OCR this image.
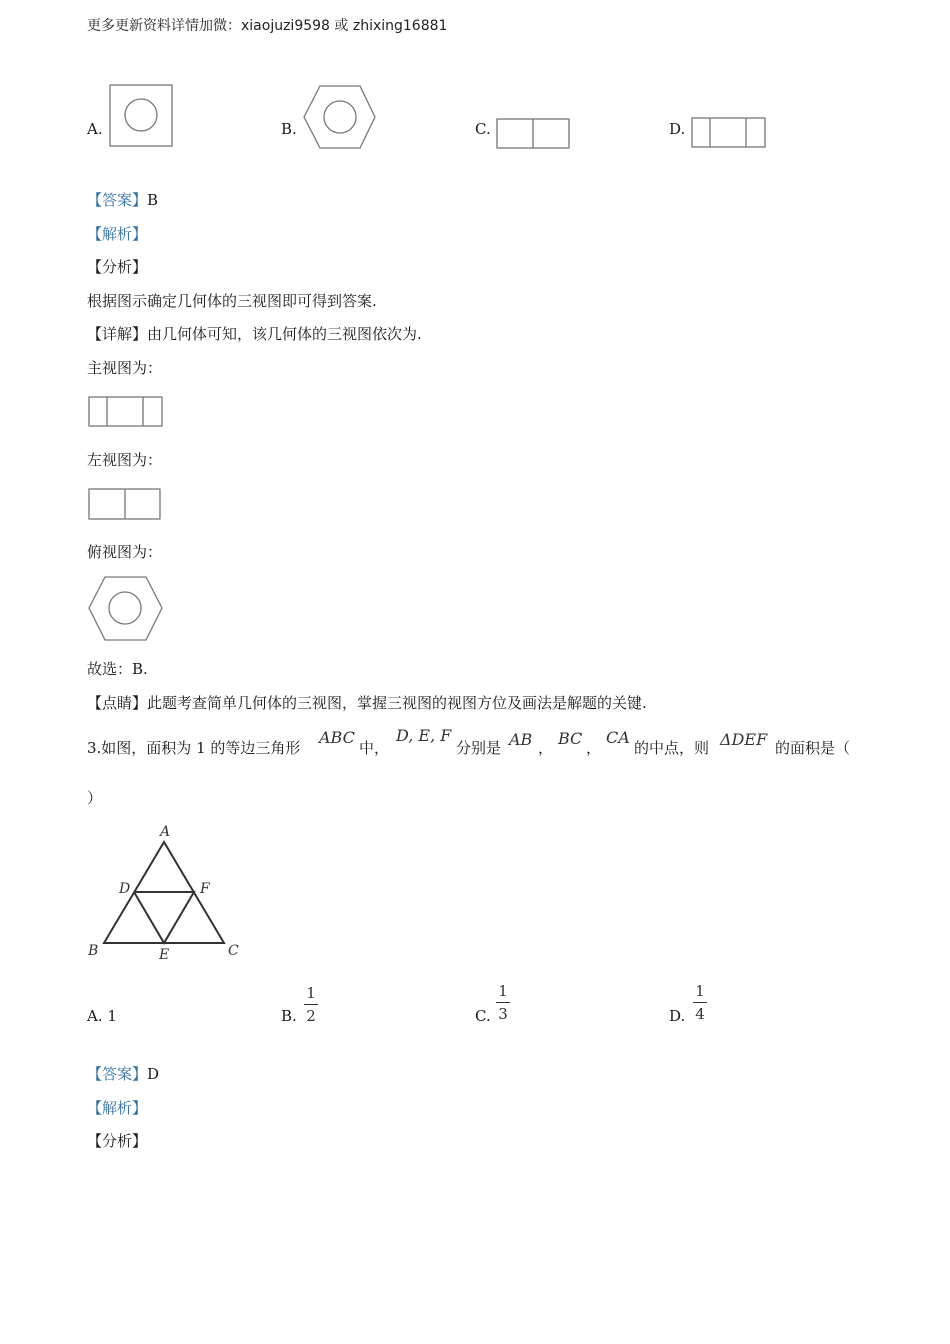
更多更新资料详情加微：xiaojuzi9598 或 zhixing16881
A.	B.	C.	D.
【答案】B
【解析】
【分析】
根据图示确定几何体的三视图即可得到答案.
【详解】由几何体可知，该几何体的三视图依次为.
主视图为：
左视图为：
俯视图为：
故选：B.
【点睛】此题考查简单几何体的三视图，掌握三视图的视图方位及画法是解题的关键.
3.如图，面积为 1 的等边三角形
ABC
中，
D, E, F
分别是 AB ， BC ，
CA
的中点，则 ΔDEF 的面积是（
）
A
D	F
B	E	C
A. 1	B.
1
2	C.
1
3	D.
1
4
【答案】D
【解析】
【分析】
